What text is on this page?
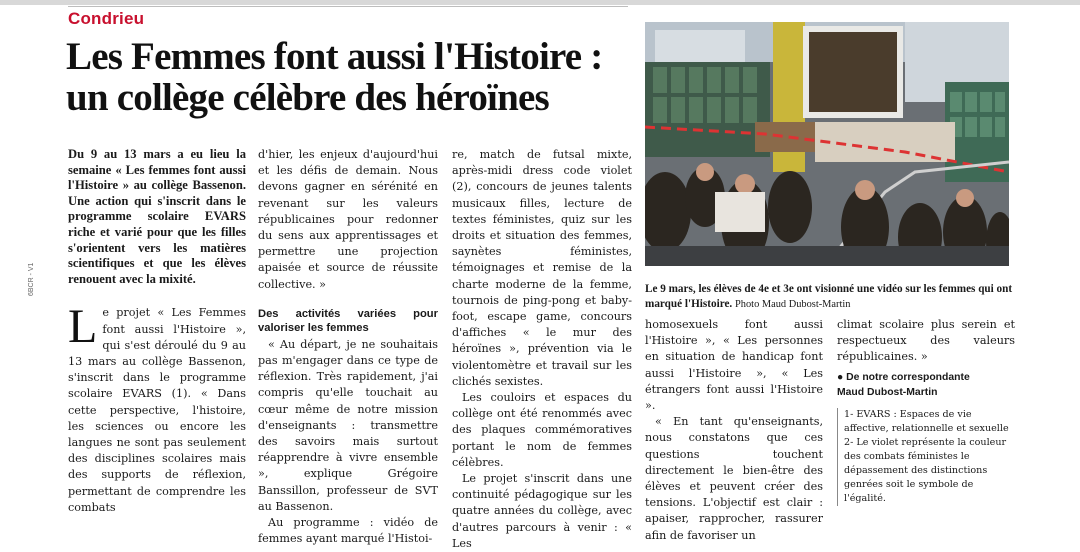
Condrieu
Les Femmes font aussi l'Histoire :
un collège célèbre des héroïnes
6BCR - V1

Du 9 au 13 mars a eu lieu la semaine « Les femmes font aussi l'Histoire » au collège Bassenon. Une action qui s'inscrit dans le programme scolaire EVARS riche et varié pour que les filles s'orientent vers les matières scientifiques et que les élèves renouent avec la mixité.

Le projet « Les Femmes font aussi l'Histoire », qui s'est déroulé du 9 au 13 mars au collège Bassenon, s'inscrit dans le programme scolaire EVARS (1). « Dans cette perspective, l'histoire, les sciences ou encore les langues ne sont pas seulement des disciplines scolaires mais des supports de réflexion, permettant de comprendre les combats

d'hier, les enjeux d'aujourd'hui et les défis de demain. Nous devons gagner en sérénité en revenant sur les valeurs républicaines pour redonner du sens aux apprentissages et permettre une projection apaisée et source de réussite collective. »

Des activités variées pour valoriser les femmes

« Au départ, je ne souhaitais pas m'engager dans ce type de réflexion. Très rapidement, j'ai compris qu'elle touchait au cœur même de notre mission d'enseignants : transmettre des savoirs mais surtout réapprendre à vivre ensemble », explique Grégoire Banssillon, professeur de SVT au Bassenon.

Au programme : vidéo de femmes ayant marqué l'Histoi-

re, match de futsal mixte, après-midi dress code violet (2), concours de jeunes talents musicaux filles, lecture de textes féministes, quiz sur les droits et situation des femmes, saynètes féministes, témoignages et remise de la charte moderne de la femme, tournois de ping-pong et baby-foot, escape game, concours d'affiches « le mur des héroïnes », prévention via le violentomètre et travail sur les clichés sexistes.

Les couloirs et espaces du collège ont été renommés avec des plaques commémoratives portant le nom de femmes célèbres.

Le projet s'inscrit dans une continuité pédagogique sur les quatre années du collège, avec d'autres parcours à venir : « Les

Le 9 mars, les élèves de 4e et 3e ont visionné une vidéo sur les femmes qui ont marqué l'Histoire. Photo Maud Dubost-Martin

homosexuels font aussi l'Histoire », « Les personnes en situation de handicap font aussi l'Histoire », « Les étrangers font aussi l'Histoire ».

« En tant qu'enseignants, nous constatons que ces questions touchent directement le bien-être des élèves et peuvent créer des tensions. L'objectif est clair : apaiser, rapprocher, rassurer afin de favoriser un

climat scolaire plus serein et respectueux des valeurs républicaines. »

● De notre correspondante

Maud Dubost-Martin

1- EVARS : Espaces de vie affective, relationnelle et sexuelle

2- Le violet représente la couleur des combats féministes le dépassement des distinctions genrées soit le symbole de l'égalité.
